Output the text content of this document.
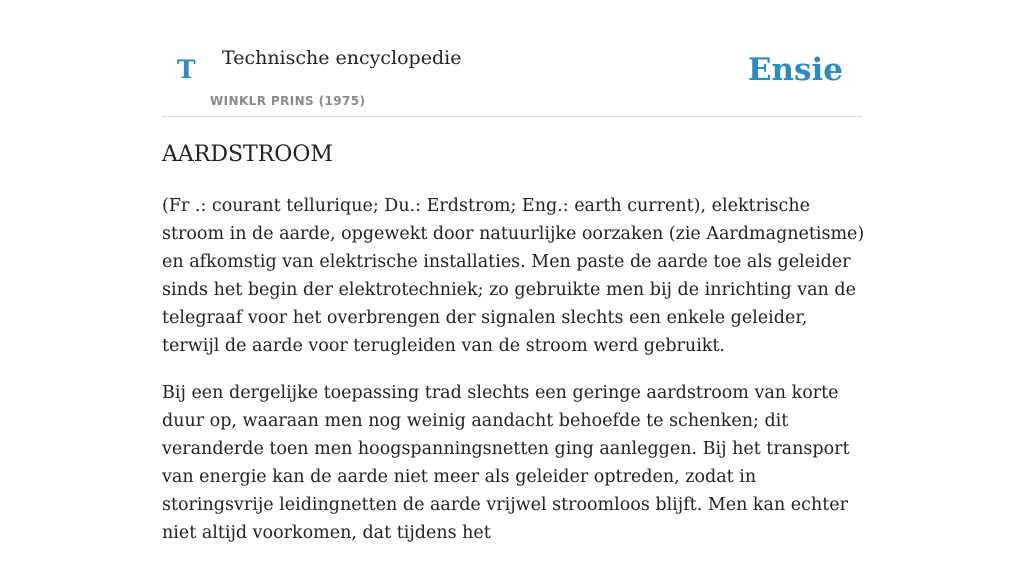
T Technische encyclopedie
WINKLR PRINS (1975)
Ensie
AARDSTROOM

(Fr .: courant tellurique; Du.: Erdstrom; Eng.: earth current), elektrische stroom in de aarde, opgewekt door natuurlijke oorzaken (zie Aardmagnetisme) en afkomstig van elektrische installaties. Men paste de aarde toe als geleider sinds het begin der elektrotechniek; zo gebruikte men bij de inrichting van de telegraaf voor het overbrengen der signalen slechts een enkele geleider, terwijl de aarde voor terugleiden van de stroom werd gebruikt.

Bij een dergelijke toepassing trad slechts een geringe aardstroom van korte duur op, waaraan men nog weinig aandacht behoefde te schenken; dit veranderde toen men hoogspanningsnetten ging aanleggen. Bij het transport van energie kan de aarde niet meer als geleider optreden, zodat in storingsvrije leidingnetten de aarde vrijwel stroomloos blijft. Men kan echter niet altijd voorkomen, dat tijdens het
